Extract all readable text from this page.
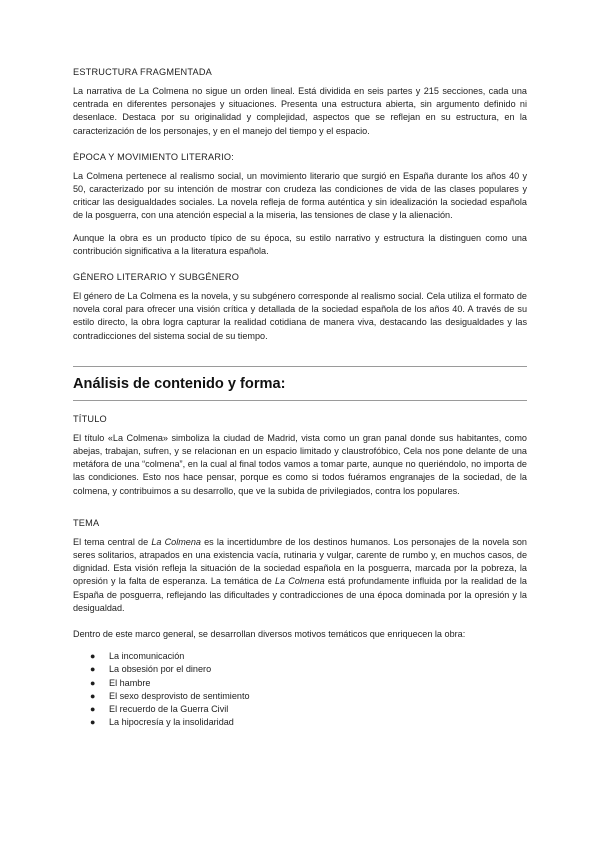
ESTRUCTURA FRAGMENTADA

La narrativa de La Colmena no sigue un orden lineal. Está dividida en seis partes y 215 secciones, cada una centrada en diferentes personajes y situaciones. Presenta una estructura abierta, sin argumento definido ni desenlace. Destaca por su originalidad y complejidad, aspectos que se reflejan en su estructura, en la caracterización de los personajes, y en el manejo del tiempo y el espacio.

ÉPOCA Y MOVIMIENTO LITERARIO:

La Colmena pertenece al realismo social, un movimiento literario que surgió en España durante los años 40 y 50, caracterizado por su intención de mostrar con crudeza las condiciones de vida de las clases populares y criticar las desigualdades sociales. La novela refleja de forma auténtica y sin idealización la sociedad española de la posguerra, con una atención especial a la miseria, las tensiones de clase y la alienación.

Aunque la obra es un producto típico de su época, su estilo narrativo y estructura la distinguen como una contribución significativa a la literatura española.

GÉNERO LITERARIO Y SUBGÉNERO

El género de La Colmena es la novela, y su subgénero corresponde al realismo social. Cela utiliza el formato de novela coral para ofrecer una visión crítica y detallada de la sociedad española de los años 40. A través de su estilo directo, la obra logra capturar la realidad cotidiana de manera viva, destacando las desigualdades y las contradicciones del sistema social de su tiempo.

Análisis de contenido y forma:
TÍTULO

El título «La Colmena» simboliza la ciudad de Madrid, vista como un gran panal donde sus habitantes, como abejas, trabajan, sufren, y se relacionan en un espacio limitado y claustrofóbico, Cela nos pone delante de una metáfora de una “colmena”, en la cual al final todos vamos a tomar parte, aunque no queriéndolo, no importa de las condiciones. Esto nos hace pensar, porque es como si todos fuéramos engranajes de la sociedad, de la colmena, y contribuimos a su desarrollo, que ve la subida de privilegiados, contra los populares.

TEMA

El tema central de La Colmena es la incertidumbre de los destinos humanos. Los personajes de la novela son seres solitarios, atrapados en una existencia vacía, rutinaria y vulgar, carente de rumbo y, en muchos casos, de dignidad. Esta visión refleja la situación de la sociedad española en la posguerra, marcada por la pobreza, la opresión y la falta de esperanza. La temática de La Colmena está profundamente influida por la realidad de la España de posguerra, reflejando las dificultades y contradicciones de una época dominada por la opresión y la desigualdad.

Dentro de este marco general, se desarrollan diversos motivos temáticos que enriquecen la obra:

● La incomunicación
● La obsesión por el dinero
● El hambre
● El sexo desprovisto de sentimiento
● El recuerdo de la Guerra Civil
● La hipocresía y la insolidaridad
